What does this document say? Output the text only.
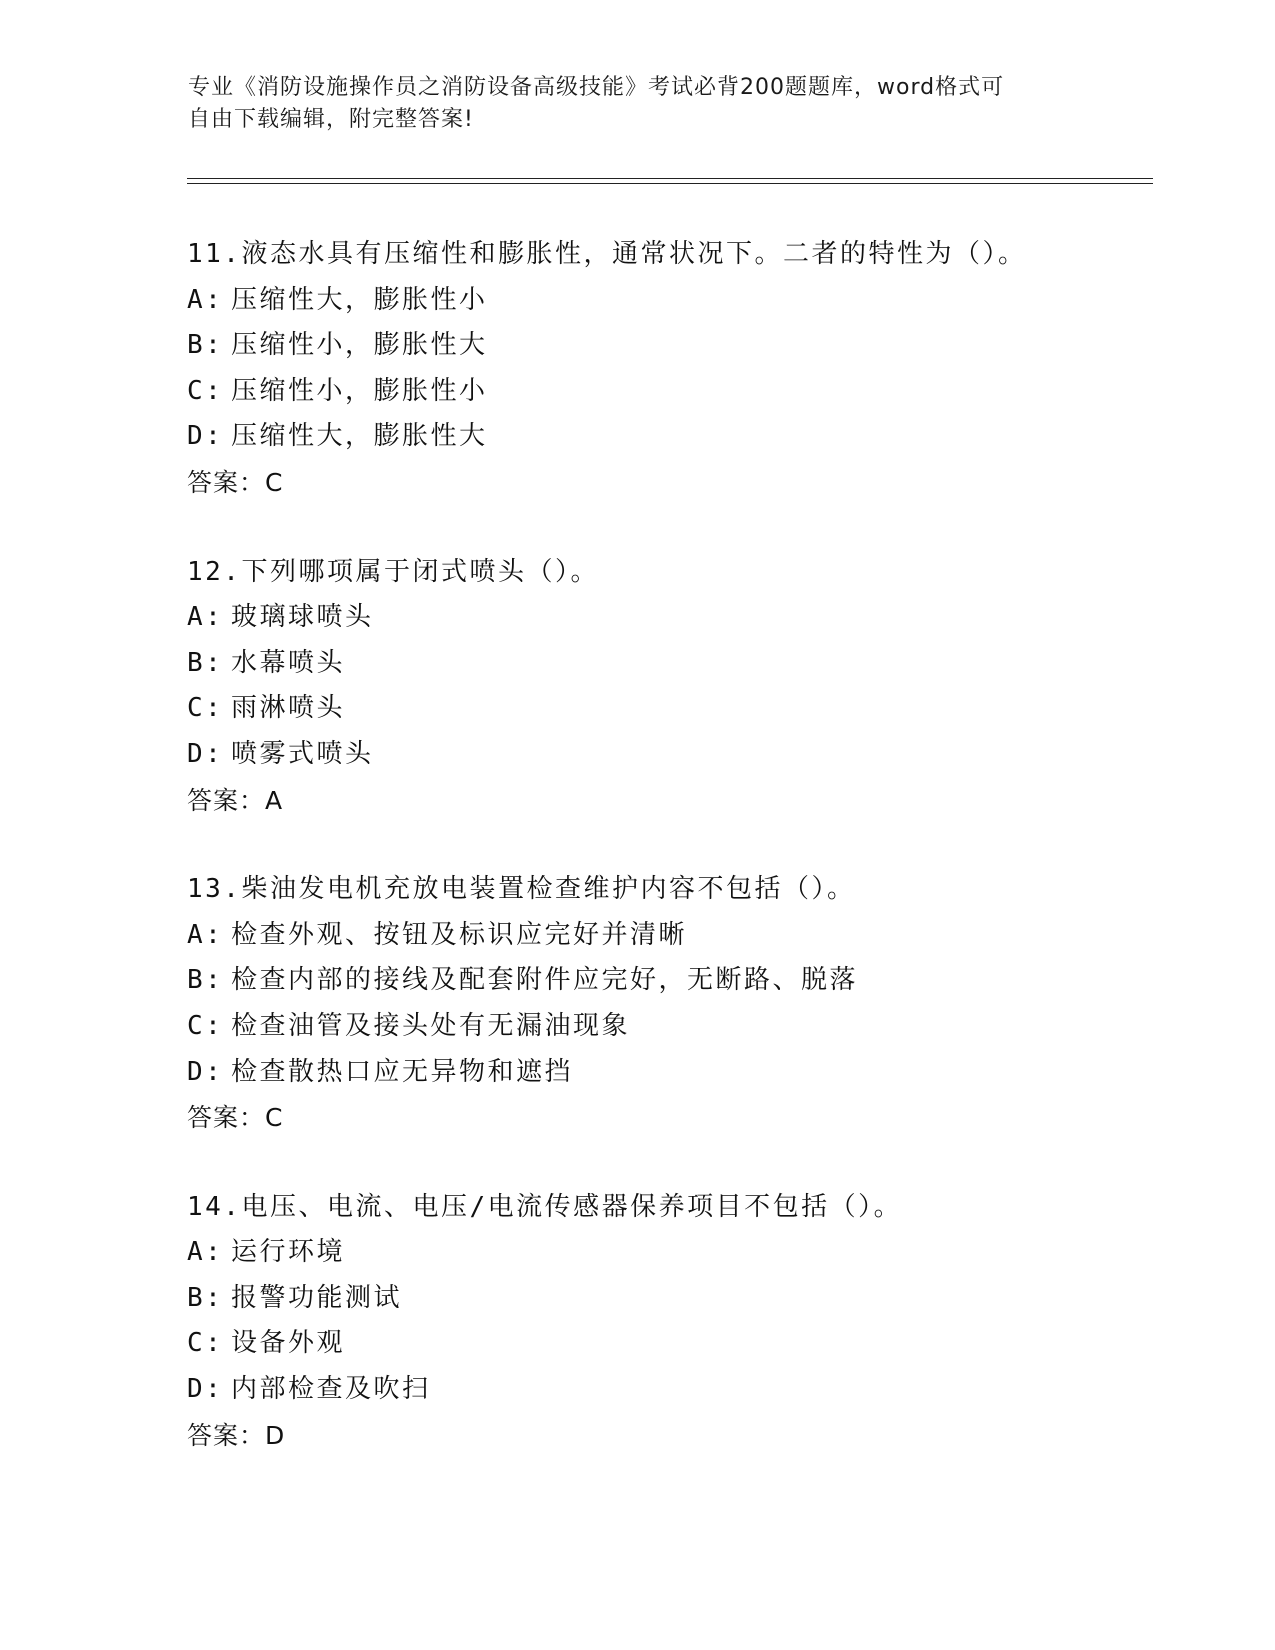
专业《消防设施操作员之消防设备高级技能》考试必背200题题库，word格式可

自由下载编辑，附完整答案!

11.液态水具有压缩性和膨胀性，通常状况下。二者的特性为（）。
A: 压缩性大，膨胀性小
B: 压缩性小，膨胀性大
C: 压缩性小，膨胀性小
D: 压缩性大，膨胀性大
答案：C
12.下列哪项属于闭式喷头（）。
A: 玻璃球喷头
B: 水幕喷头
C: 雨淋喷头
D: 喷雾式喷头
答案：A
13.柴油发电机充放电装置检查维护内容不包括（）。
A: 检查外观、按钮及标识应完好并清晰
B: 检查内部的接线及配套附件应完好，无断路、脱落
C: 检查油管及接头处有无漏油现象
D: 检查散热口应无异物和遮挡
答案：C
14.电压、电流、电压/电流传感器保养项目不包括（）。
A: 运行环境
B: 报警功能测试
C: 设备外观
D: 内部检查及吹扫
答案：D
